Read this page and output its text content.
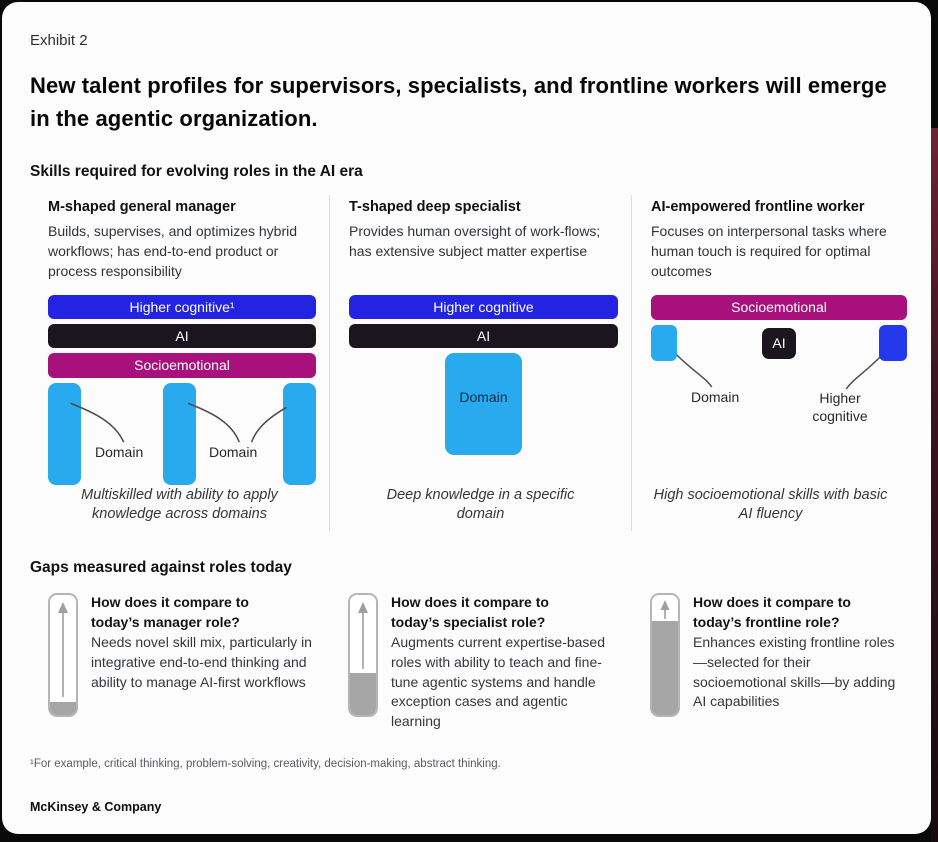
Exhibit 2
New talent profiles for supervisors, specialists, and frontline workers will emerge in the agentic organization.
Skills required for evolving roles in the AI era
M-shaped general manager
Builds, supervises, and optimizes hybrid workflows; has end-to-end product or process responsibility
Higher cognitive¹
AI
Socioemotional
Domain	Domain
Multiskilled with ability to apply knowledge across domains
T-shaped deep specialist
Provides human oversight of work-flows; has extensive subject matter expertise
Higher cognitive
AI
Domain
Deep knowledge in a specific domain
AI-empowered frontline worker
Focuses on interpersonal tasks where human touch is required for optimal outcomes
Socioemotional
AI
Domain	Higher cognitive
High socioemotional skills with basic AI fluency
Gaps measured against roles today
How does it compare to today’s manager role?
Needs novel skill mix, particularly in integrative end-to-end thinking and ability to manage AI-first workflows
How does it compare to today’s specialist role?
Augments current expertise-based roles with ability to teach and fine-tune agentic systems and handle exception cases and agentic learning
How does it compare to today’s frontline role?
Enhances existing frontline roles—selected for their socioemotional skills—by adding AI capabilities
¹For example, critical thinking, problem-solving, creativity, decision-making, abstract thinking.
McKinsey & Company
